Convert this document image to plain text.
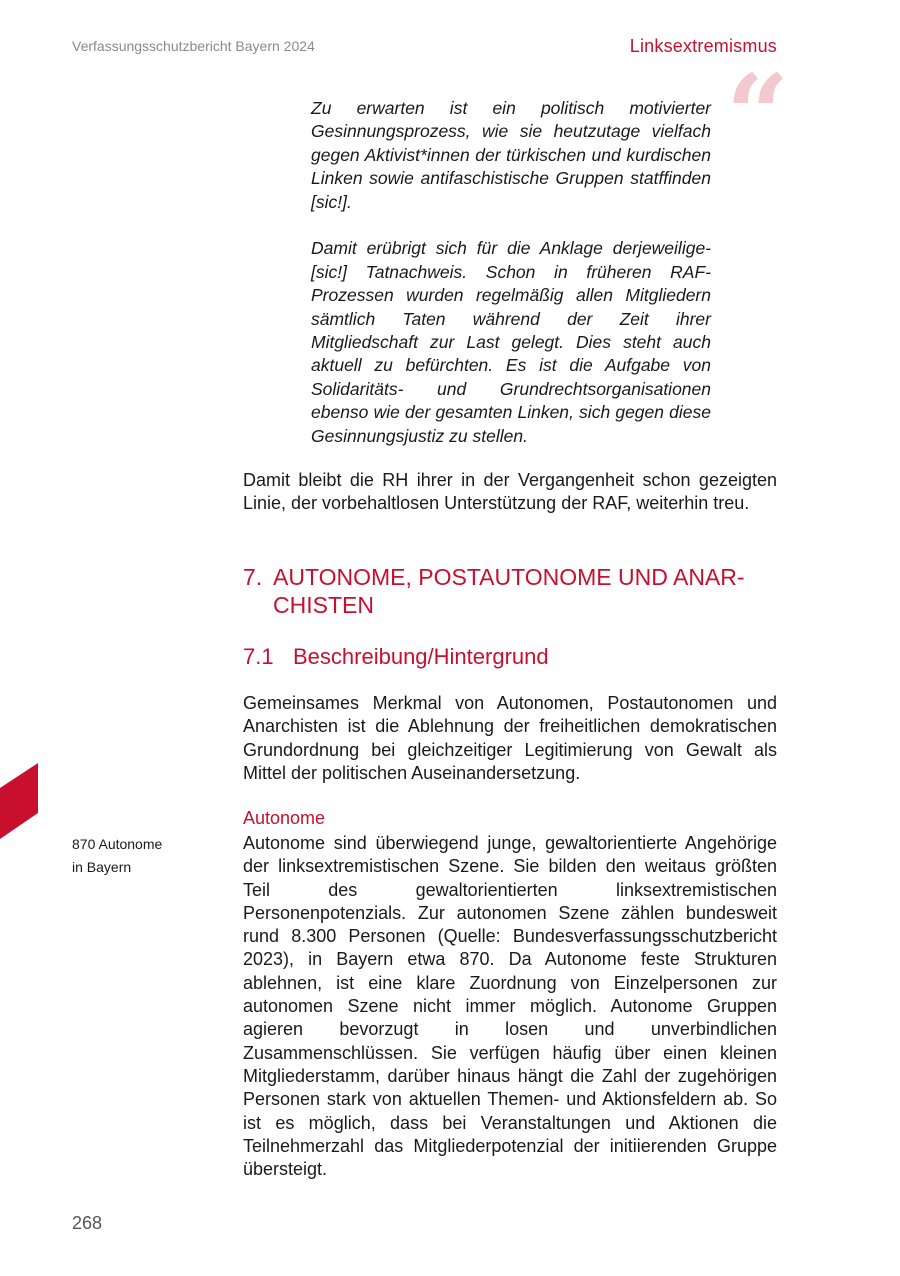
Verfassungsschutzbericht Bayern 2024	Linksextremismus
“

Zu erwarten ist ein politisch motivierter Gesinnungsprozess, wie sie heutzutage vielfach gegen Aktivist*innen der türkischen und kurdischen Linken sowie antifaschistische Gruppen statffinden [sic!].

Damit erübrigt sich für die Anklage derjeweilige-[sic!] Tatnachweis. Schon in früheren RAF-Prozessen wurden regelmäßig allen Mitgliedern sämtlich Taten während der Zeit ihrer Mitgliedschaft zur Last gelegt. Dies steht auch aktuell zu befürchten. Es ist die Aufgabe von Solidaritäts- und Grundrechtsorganisationen ebenso wie der gesamten Linken, sich gegen diese Gesinnungsjustiz zu stellen.

Damit bleibt die RH ihrer in der Vergangenheit schon gezeigten Linie, der vorbehaltlosen Unterstützung der RAF, weiterhin treu.

7. AUTONOME, POSTAUTONOME UND ANAR-
CHISTEN
7.1 Beschreibung/Hintergrund

Gemeinsames Merkmal von Autonomen, Postautonomen und Anarchisten ist die Ablehnung der freiheitlichen demokratischen Grundordnung bei gleichzeitiger Legitimierung von Gewalt als Mittel der politischen Auseinandersetzung.

Autonome

Autonome sind überwiegend junge, gewaltorientierte Angehörige der linksextremistischen Szene. Sie bilden den weitaus größten Teil des gewaltorientierten linksextremistischen Personenpotenzials. Zur autonomen Szene zählen bundesweit rund 8.300 Personen (Quelle: Bundesverfassungsschutzbericht 2023), in Bayern etwa 870. Da Autonome feste Strukturen ablehnen, ist eine klare Zuordnung von Einzelpersonen zur autonomen Szene nicht immer möglich. Autonome Gruppen agieren bevorzugt in losen und unverbindlichen Zusammenschlüssen. Sie verfügen häufig über einen kleinen Mitgliederstamm, darüber hinaus hängt die Zahl der zugehörigen Personen stark von aktuellen Themen- und Aktionsfeldern ab. So ist es möglich, dass bei Veranstaltungen und Aktionen die Teilnehmerzahl das Mitgliederpotenzial der initiierenden Gruppe übersteigt.

870 Autonome
in Bayern
268
